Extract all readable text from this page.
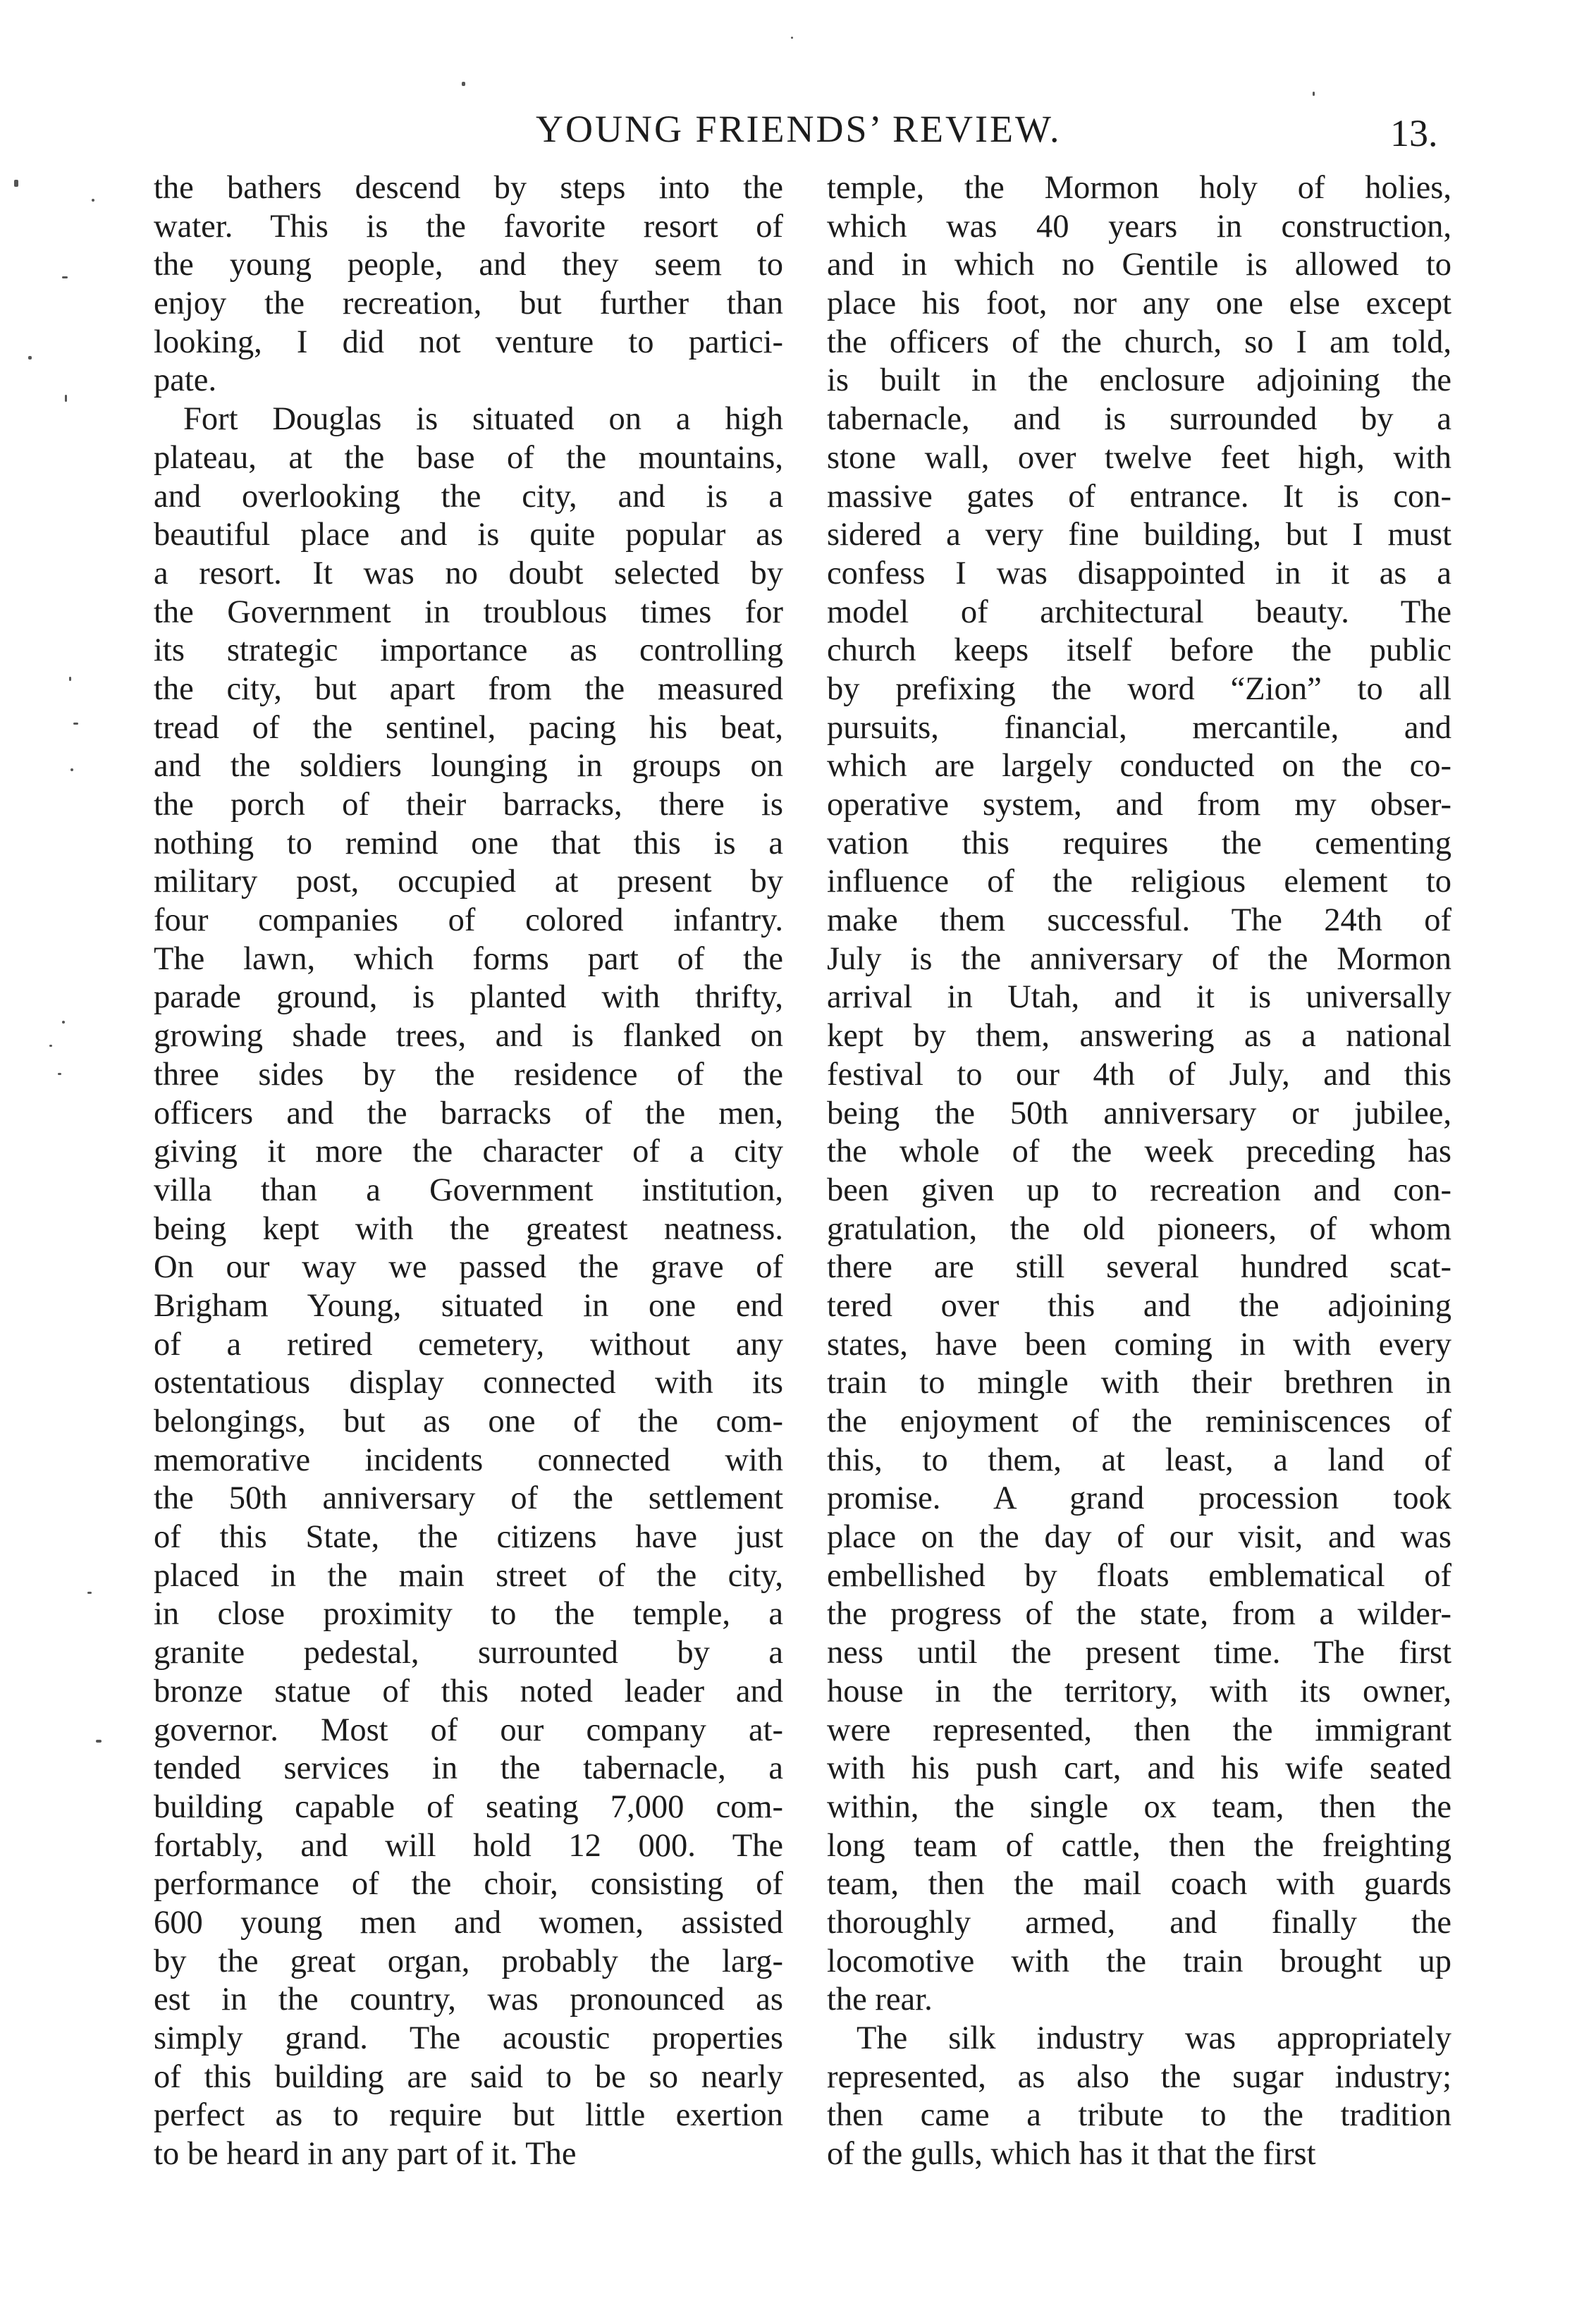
YOUNG FRIENDS’ REVIEW.	13.
the bathers descend by steps into the
water. This is the favorite resort of
the young people, and they seem to
enjoy the recreation, but further than
looking, I did not venture to partici-
pate.
Fort Douglas is situated on a high
plateau, at the base of the mountains,
and overlooking the city, and is a
beautiful place and is quite popular as
a resort. It was no doubt selected by
the Government in troublous times for
its strategic importance as controlling
the city, but apart from the measured
tread of the sentinel, pacing his beat,
and the soldiers lounging in groups on
the porch of their barracks, there is
nothing to remind one that this is a
military post, occupied at present by
four companies of colored infantry.
The lawn, which forms part of the
parade ground, is planted with thrifty,
growing shade trees, and is flanked on
three sides by the residence of the
officers and the barracks of the men,
giving it more the character of a city
villa than a Government institution,
being kept with the greatest neatness.
On our way we passed the grave of
Brigham Young, situated in one end
of a retired cemetery, without any
ostentatious display connected with its
belongings, but as one of the com-
memorative incidents connected with
the 50th anniversary of the settlement
of this State, the citizens have just
placed in the main street of the city,
in close proximity to the temple, a
granite pedestal, surrounted by a
bronze statue of this noted leader and
governor. Most of our company at-
tended services in the tabernacle, a
building capable of seating 7,000 com-
fortably, and will hold 12 000. The
performance of the choir, consisting of
600 young men and women, assisted
by the great organ, probably the larg-
est in the country, was pronounced as
simply grand. The acoustic properties
of this building are said to be so nearly
perfect as to require but little exertion
to be heard in any part of it. The
temple, the Mormon holy of holies,
which was 40 years in construction,
and in which no Gentile is allowed to
place his foot, nor any one else except
the officers of the church, so I am told,
is built in the enclosure adjoining the
tabernacle, and is surrounded by a
stone wall, over twelve feet high, with
massive gates of entrance. It is con-
sidered a very fine building, but I must
confess I was disappointed in it as a
model of architectural beauty. The
church keeps itself before the public
by prefixing the word “Zion” to all
pursuits, financial, mercantile, and
which are largely conducted on the co-
operative system, and from my obser-
vation this requires the cementing
influence of the religious element to
make them successful. The 24th of
July is the anniversary of the Mormon
arrival in Utah, and it is universally
kept by them, answering as a national
festival to our 4th of July, and this
being the 50th anniversary or jubilee,
the whole of the week preceding has
been given up to recreation and con-
gratulation, the old pioneers, of whom
there are still several hundred scat-
tered over this and the adjoining
states, have been coming in with every
train to mingle with their brethren in
the enjoyment of the reminiscences of
this, to them, at least, a land of
promise. A grand procession took
place on the day of our visit, and was
embellished by floats emblematical of
the progress of the state, from a wilder-
ness until the present time. The first
house in the territory, with its owner,
were represented, then the immigrant
with his push cart, and his wife seated
within, the single ox team, then the
long team of cattle, then the freighting
team, then the mail coach with guards
thoroughly armed, and finally the
locomotive with the train brought up
the rear.
The silk industry was appropriately
represented, as also the sugar industry;
then came a tribute to the tradition
of the gulls, which has it that the first
